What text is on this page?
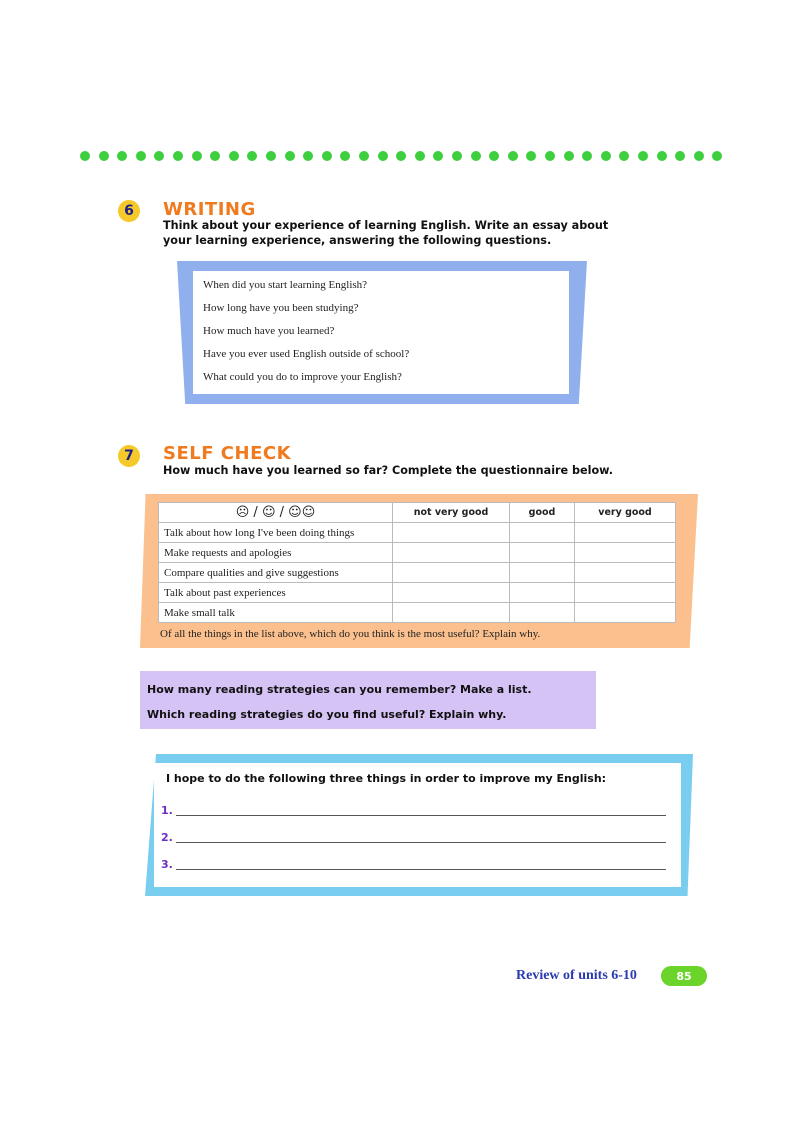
6	WRITING
Think about your experience of learning English. Write an essay about
your learning experience, answering the following questions.
When did you start learning English?
How long have you been studying?
How much have you learned?
Have you ever used English outside of school?
What could you do to improve your English?
7	SELF CHECK
How much have you learned so far? Complete the questionnaire below.
☹ / ☺ / ☺☺	not very good	good	very good
Talk about how long I've been doing things			
Make requests and apologies			
Compare qualities and give suggestions			
Talk about past experiences			
Make small talk			
Of all the things in the list above, which do you think is the most useful? Explain why.
How many reading strategies can you remember? Make a list.
Which reading strategies do you find useful? Explain why.
I hope to do the following three things in order to improve my English:
1.
2.
3.
Review of units 6-10	85
